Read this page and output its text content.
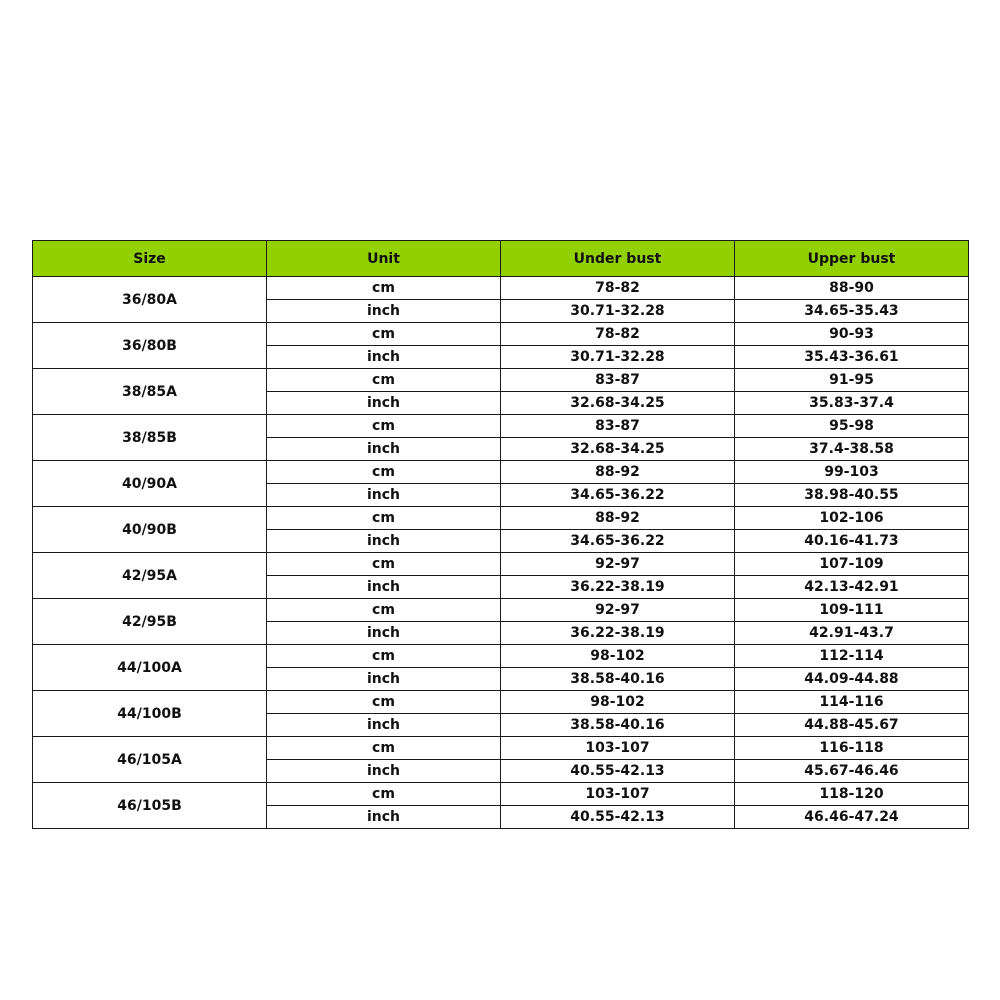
Size	Unit	Under bust	Upper bust
36/80A	cm	78-82	88-90
	inch	30.71-32.28	34.65-35.43
36/80B	cm	78-82	90-93
	inch	30.71-32.28	35.43-36.61
38/85A	cm	83-87	91-95
	inch	32.68-34.25	35.83-37.4
38/85B	cm	83-87	95-98
	inch	32.68-34.25	37.4-38.58
40/90A	cm	88-92	99-103
	inch	34.65-36.22	38.98-40.55
40/90B	cm	88-92	102-106
	inch	34.65-36.22	40.16-41.73
42/95A	cm	92-97	107-109
	inch	36.22-38.19	42.13-42.91
42/95B	cm	92-97	109-111
	inch	36.22-38.19	42.91-43.7
44/100A	cm	98-102	112-114
	inch	38.58-40.16	44.09-44.88
44/100B	cm	98-102	114-116
	inch	38.58-40.16	44.88-45.67
46/105A	cm	103-107	116-118
	inch	40.55-42.13	45.67-46.46
46/105B	cm	103-107	118-120
	inch	40.55-42.13	46.46-47.24
